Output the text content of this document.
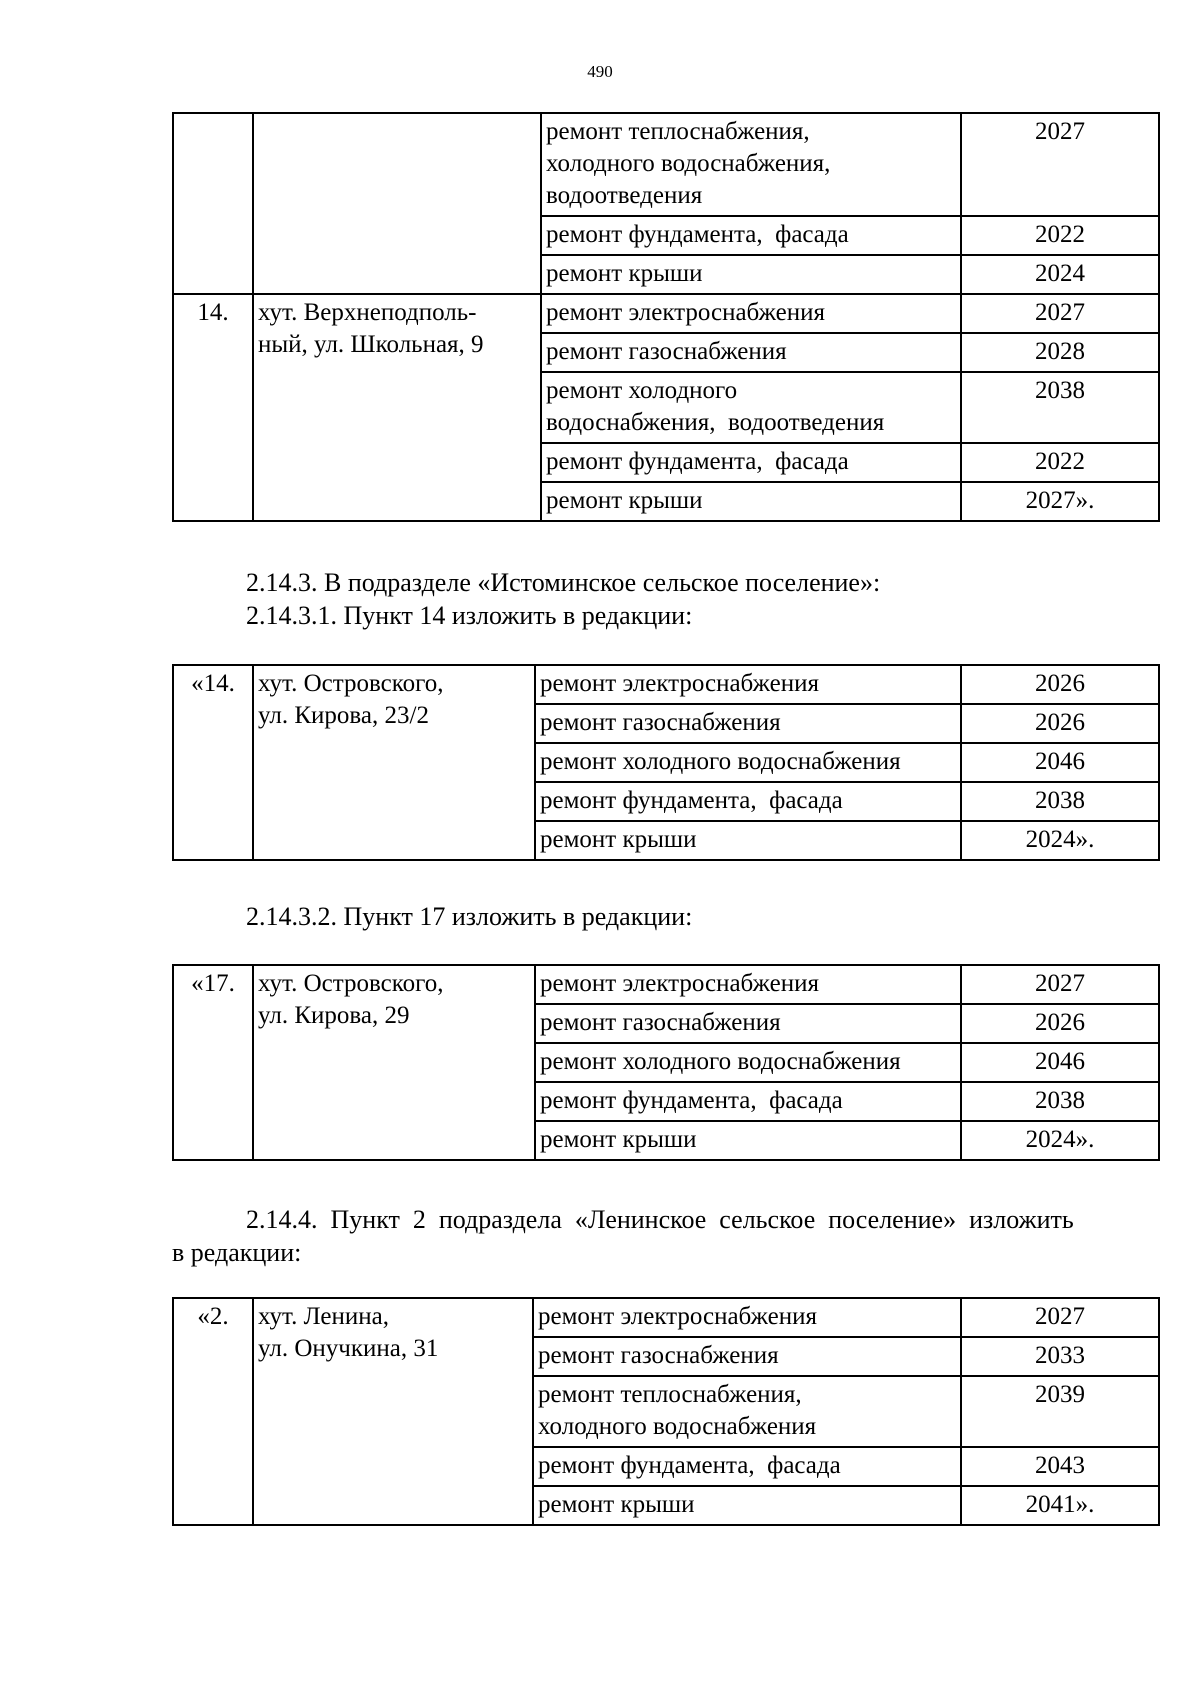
490
		ремонт теплоснабжения,
холодного водоснабжения,
водоотведения	2027
		ремонт фундамента,  фасада	2022
		ремонт крыши	2024
14.	хут. Верхнеподполь-
ный, ул. Школьная, 9	ремонт электроснабжения	2027
		ремонт газоснабжения	2028
		ремонт холодного
водоснабжения,  водоотведения	2038
		ремонт фундамента,  фасада	2022
		ремонт крыши	2027».
2.14.3. В подразделе «Истоминское сельское поселение»:
2.14.3.1. Пункт 14 изложить в редакции:
«14.	хут. Островского,
ул. Кирова, 23/2	ремонт электроснабжения	2026
		ремонт газоснабжения	2026
		ремонт холодного водоснабжения	2046
		ремонт фундамента,  фасада	2038
		ремонт крыши	2024».
2.14.3.2. Пункт 17 изложить в редакции:
«17.	хут. Островского,
ул. Кирова, 29	ремонт электроснабжения	2027
		ремонт газоснабжения	2026
		ремонт холодного водоснабжения	2046
		ремонт фундамента,  фасада	2038
		ремонт крыши	2024».
2.14.4.  Пункт  2  подраздела  «Ленинское  сельское  поселение»  изложить
в редакции:
«2.	хут. Ленина,
ул. Онучкина, 31	ремонт электроснабжения	2027
		ремонт газоснабжения	2033
		ремонт теплоснабжения,
холодного водоснабжения	2039
		ремонт фундамента,  фасада	2043
		ремонт крыши	2041».
